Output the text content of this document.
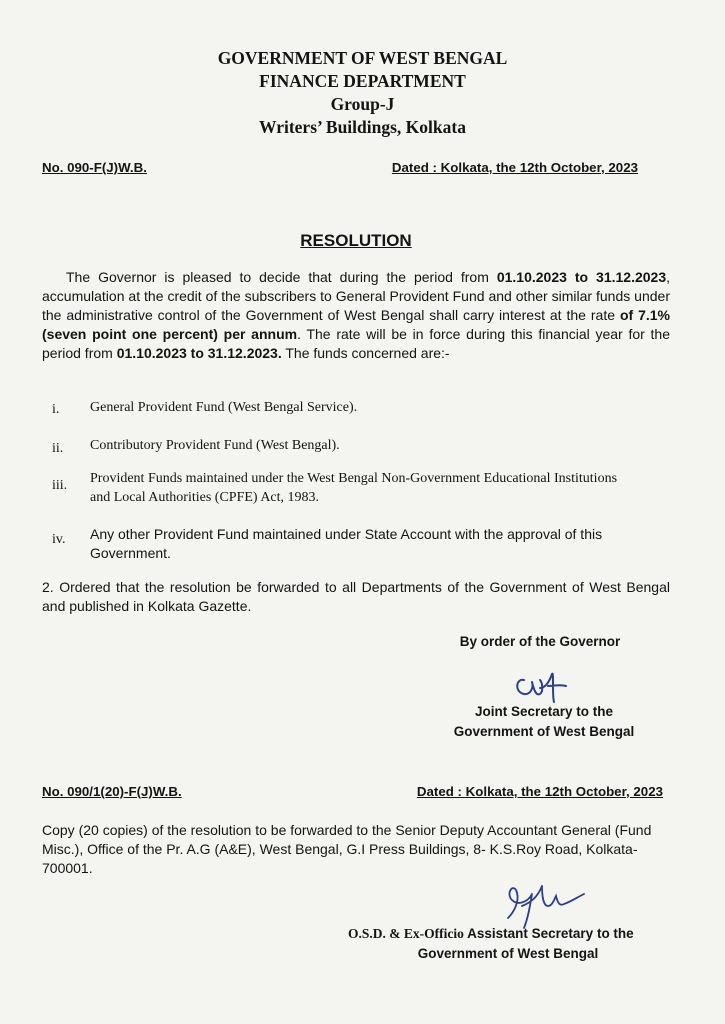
GOVERNMENT OF WEST BENGAL
FINANCE DEPARTMENT
Group-J
Writers’ Buildings, Kolkata
No. 090-F(J)W.B.	Dated : Kolkata, the 12th October, 2023
RESOLUTION
The Governor is pleased to decide that during the period from 01.10.2023 to 31.12.2023, accumulation at the credit of the subscribers to General Provident Fund and other similar funds under the administrative control of the Government of West Bengal shall carry interest at the rate of 7.1%(seven point one percent) per annum. The rate will be in force during this financial year for the period from 01.10.2023 to 31.12.2023. The funds concerned are:-
i. General Provident Fund (West Bengal Service).
ii. Contributory Provident Fund (West Bengal).
iii. Provident Funds maintained under the West Bengal Non-Government Educational Institutions and Local Authorities (CPFE) Act, 1983.
iv. Any other Provident Fund maintained under State Account with the approval of this Government.
2. Ordered that the resolution be forwarded to all Departments of the Government of West Bengal and published in Kolkata Gazette.
By order of the Governor
Joint Secretary to the
Government of West Bengal
No. 090/1(20)-F(J)W.B.	Dated : Kolkata, the 12th October, 2023
Copy (20 copies) of the resolution to be forwarded to the Senior Deputy Accountant General (Fund Misc.), Office of the Pr. A.G (A&E), West Bengal, G.I Press Buildings, 8- K.S.Roy Road, Kolkata-700001.
O.S.D. & Ex-Officio Assistant Secretary to the
Government of West Bengal
